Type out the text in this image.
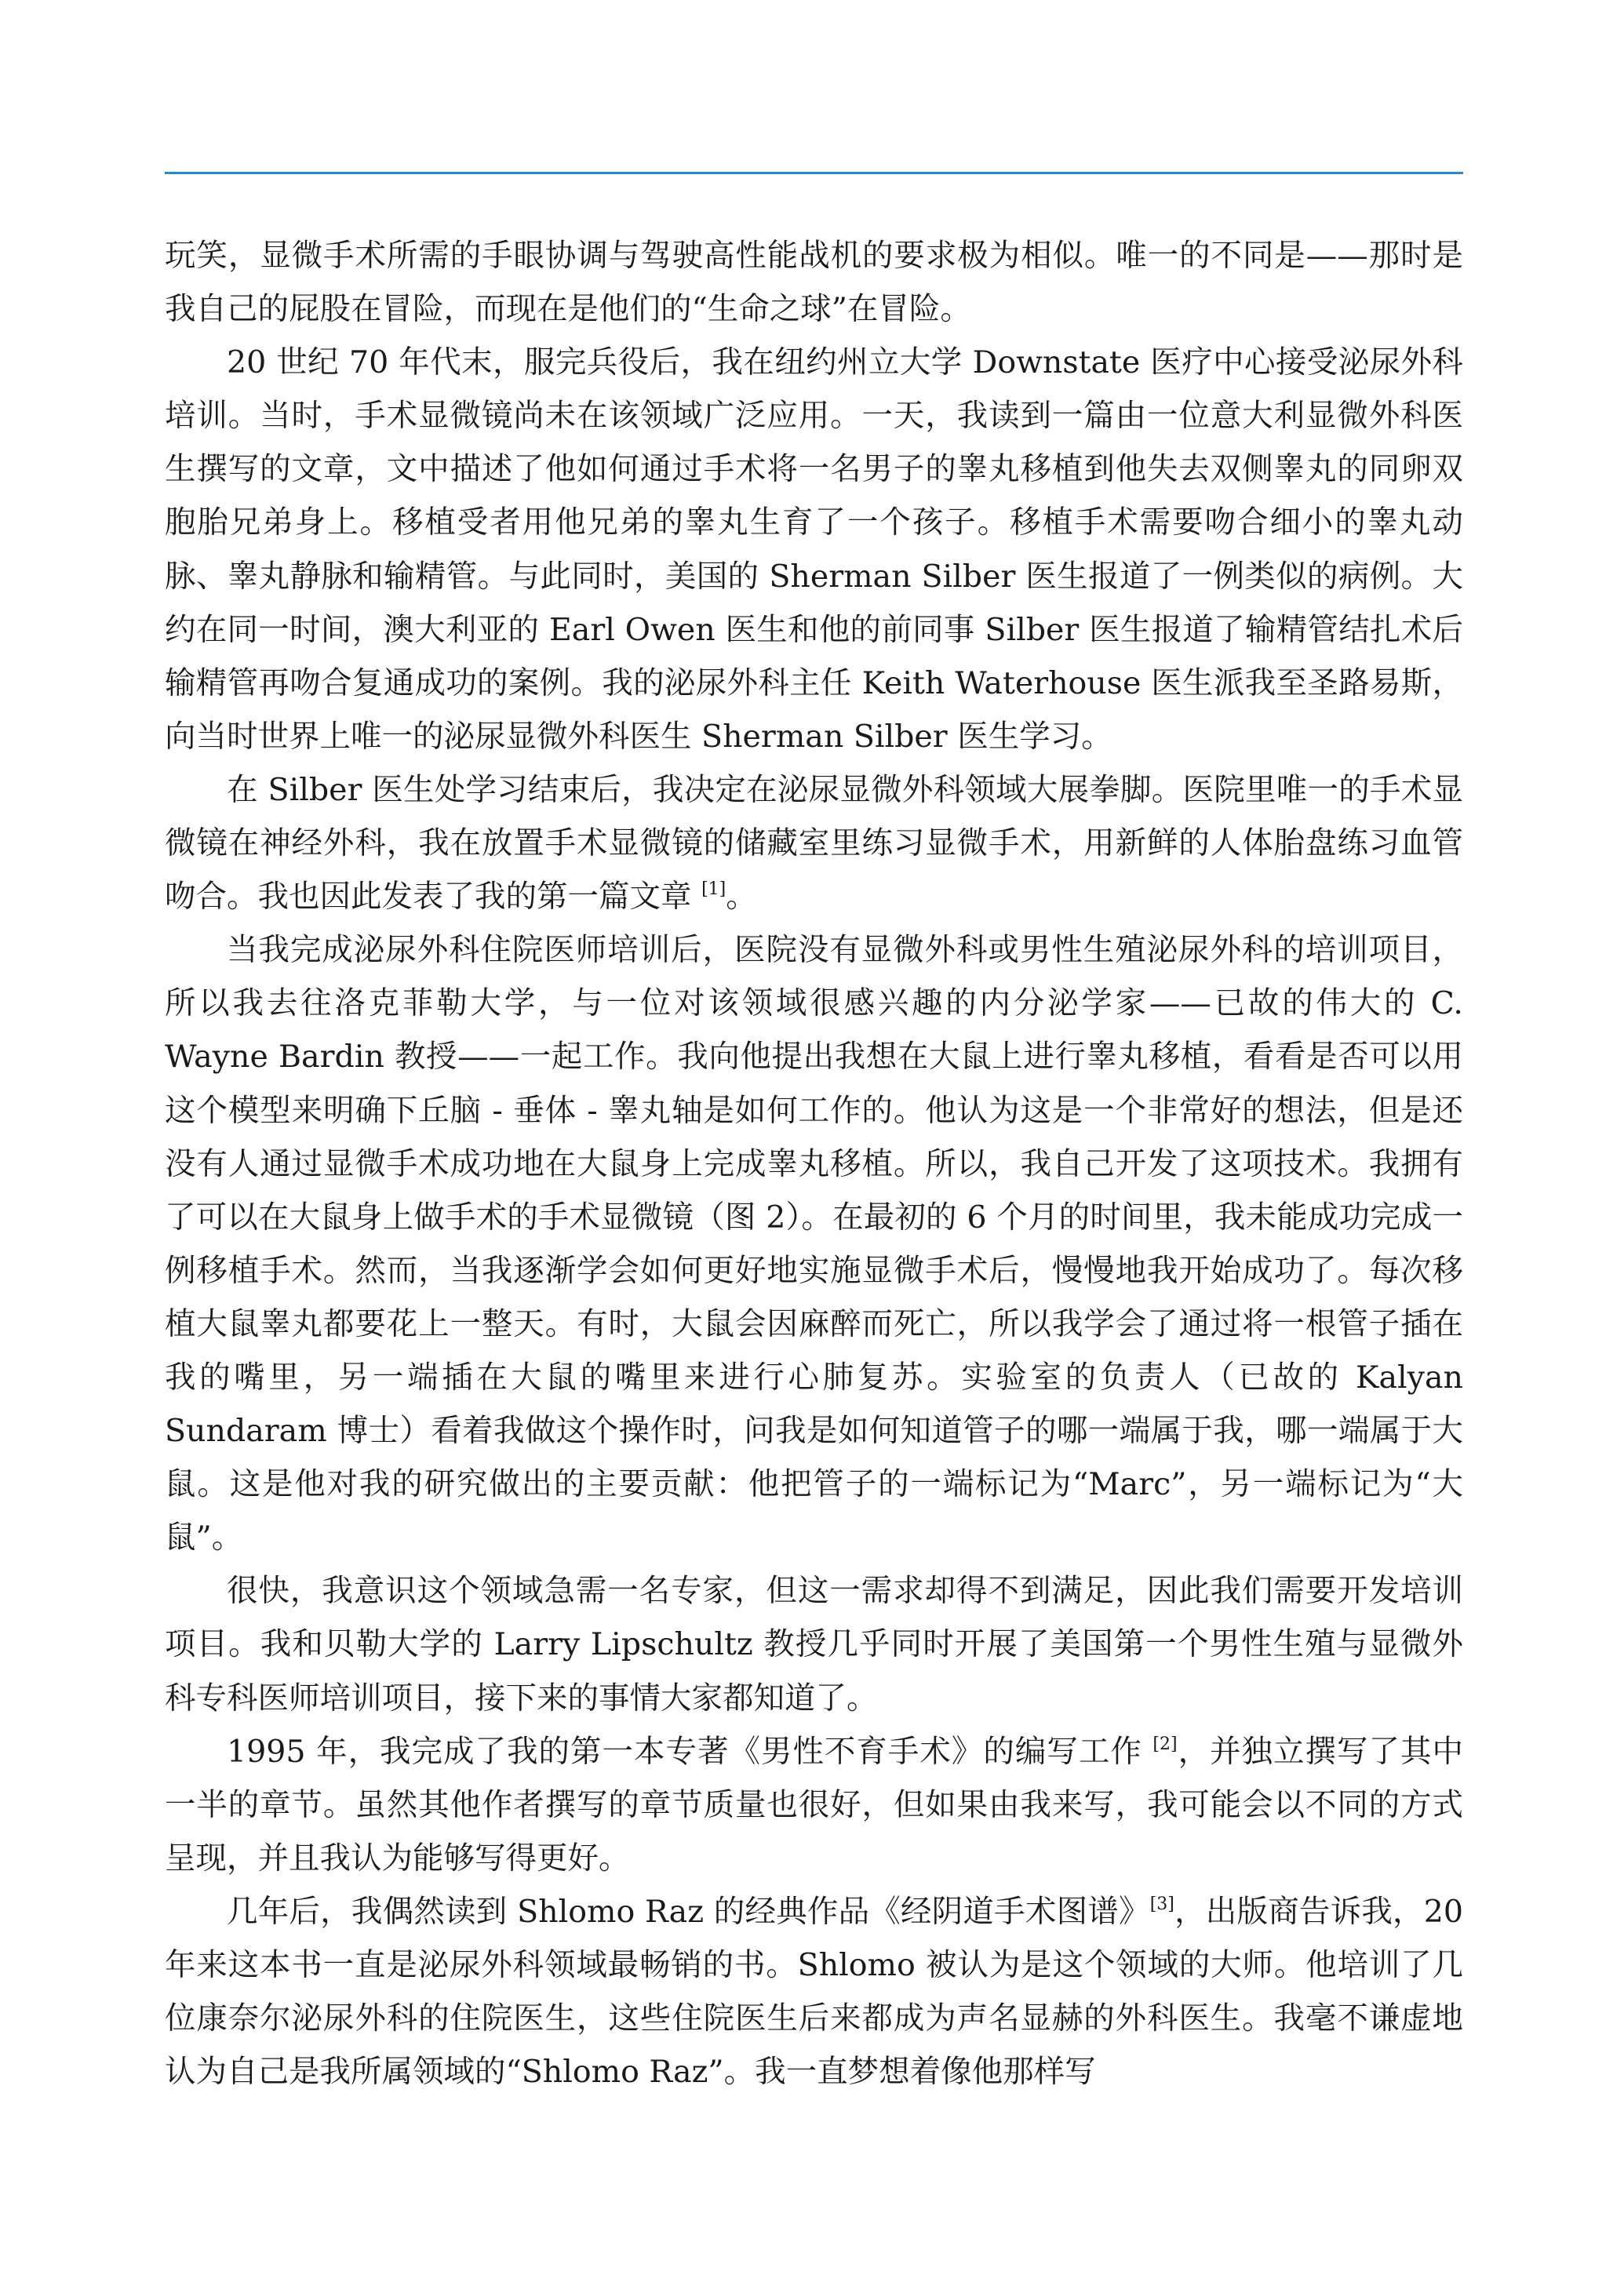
玩笑，显微手术所需的手眼协调与驾驶高性能战机的要求极为相似。唯一的不同是——那时是我自己的屁股在冒险，而现在是他们的“生命之球”在冒险。

20 世纪 70 年代末，服完兵役后，我在纽约州立大学 Downstate 医疗中心接受泌尿外科培训。当时，手术显微镜尚未在该领域广泛应用。一天，我读到一篇由一位意大利显微外科医生撰写的文章，文中描述了他如何通过手术将一名男子的睾丸移植到他失去双侧睾丸的同卵双胞胎兄弟身上。移植受者用他兄弟的睾丸生育了一个孩子。移植手术需要吻合细小的睾丸动脉、睾丸静脉和输精管。与此同时，美国的 Sherman Silber 医生报道了一例类似的病例。大约在同一时间，澳大利亚的 Earl Owen 医生和他的前同事 Silber 医生报道了输精管结扎术后输精管再吻合复通成功的案例。我的泌尿外科主任 Keith Waterhouse 医生派我至圣路易斯，向当时世界上唯一的泌尿显微外科医生 Sherman Silber 医生学习。

在 Silber 医生处学习结束后，我决定在泌尿显微外科领域大展拳脚。医院里唯一的手术显微镜在神经外科，我在放置手术显微镜的储藏室里练习显微手术，用新鲜的人体胎盘练习血管吻合。我也因此发表了我的第一篇文章 [1]。

当我完成泌尿外科住院医师培训后，医院没有显微外科或男性生殖泌尿外科的培训项目，所以我去往洛克菲勒大学，与一位对该领域很感兴趣的内分泌学家——已故的伟大的 C. Wayne Bardin 教授——一起工作。我向他提出我想在大鼠上进行睾丸移植，看看是否可以用这个模型来明确下丘脑 - 垂体 - 睾丸轴是如何工作的。他认为这是一个非常好的想法，但是还没有人通过显微手术成功地在大鼠身上完成睾丸移植。所以，我自己开发了这项技术。我拥有了可以在大鼠身上做手术的手术显微镜（图 2）。在最初的 6 个月的时间里，我未能成功完成一例移植手术。然而，当我逐渐学会如何更好地实施显微手术后，慢慢地我开始成功了。每次移植大鼠睾丸都要花上一整天。有时，大鼠会因麻醉而死亡，所以我学会了通过将一根管子插在我的嘴里，另一端插在大鼠的嘴里来进行心肺复苏。实验室的负责人（已故的 Kalyan Sundaram 博士）看着我做这个操作时，问我是如何知道管子的哪一端属于我，哪一端属于大鼠。这是他对我的研究做出的主要贡献：他把管子的一端标记为“Marc”，另一端标记为“大鼠”。

很快，我意识这个领域急需一名专家，但这一需求却得不到满足，因此我们需要开发培训项目。我和贝勒大学的 Larry Lipschultz 教授几乎同时开展了美国第一个男性生殖与显微外科专科医师培训项目，接下来的事情大家都知道了。

1995 年，我完成了我的第一本专著《男性不育手术》的编写工作 [2]，并独立撰写了其中一半的章节。虽然其他作者撰写的章节质量也很好，但如果由我来写，我可能会以不同的方式呈现，并且我认为能够写得更好。

几年后，我偶然读到 Shlomo Raz 的经典作品《经阴道手术图谱》[3]，出版商告诉我，20 年来这本书一直是泌尿外科领域最畅销的书。Shlomo 被认为是这个领域的大师。他培训了几位康奈尔泌尿外科的住院医生，这些住院医生后来都成为声名显赫的外科医生。我毫不谦虚地认为自己是我所属领域的“Shlomo Raz”。我一直梦想着像他那样写
